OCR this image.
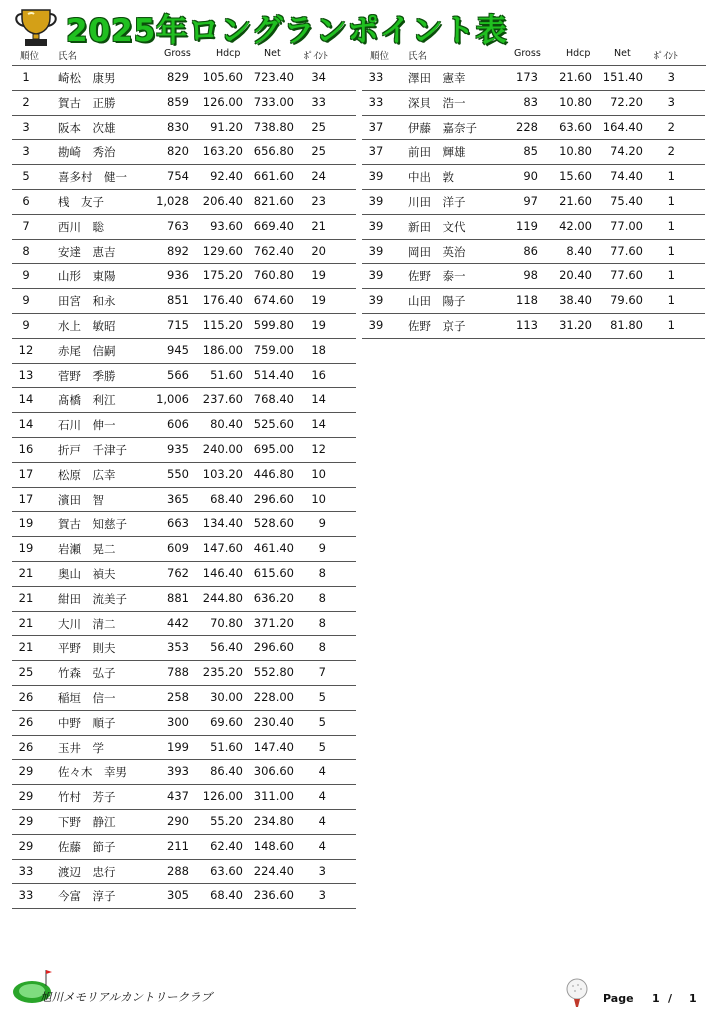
2025年ロングランポイント表
順位 氏名	Gross	Hdcp Net ﾎﾟｲﾝﾄ	順位 氏名	Gross	Hdcp Net ﾎﾟｲﾝﾄ
1	崎松　康男	829 105.60 723.40 34
2	賀古　正勝	859 126.00 733.00 33
3	阪本　次雄	830 91.20 738.80 25
3	勘崎　秀治	820 163.20 656.80 25
5	喜多村　健一	754 92.40 661.60 24
6	桟　友子	1,028 206.40 821.60 23
7	西川　聡	763 93.60 669.40 21
8	安達　恵吉	892 129.60 762.40 20
9	山形　東陽	936 175.20 760.80 19
9	田宮　和永	851 176.40 674.60 19
9	水上　敏昭	715 115.20 599.80 19
12	赤尾　信嗣	945 186.00 759.00 18
13	菅野　季勝	566 51.60 514.40 16
14	髙橋　利江	1,006 237.60 768.40 14
14	石川　伸一	606 80.40 525.60 14
16	折戸　千津子	935 240.00 695.00 12
17	松原　広幸	550 103.20 446.80 10
17	濱田　智	365 68.40 296.60 10
19	賀古　知慈子	663 134.40 528.60 9
19	岩瀬　晃二	609 147.60 461.40 9
21	奥山　禎夫	762 146.40 615.60 8
21	紺田　流美子	881 244.80 636.20 8
21	大川　清二	442 70.80 371.20 8
21	平野　則夫	353 56.40 296.60 8
25	竹森　弘子	788 235.20 552.80 7
26	稲垣　信一	258 30.00 228.00 5
26	中野　順子	300 69.60 230.40 5
26	玉井　学	199 51.60 147.40 5
29	佐々木　幸男	393 86.40 306.60 4
29	竹村　芳子	437 126.00 311.00 4
29	下野　静江	290 55.20 234.80 4
29	佐藤　節子	211 62.40 148.60 4
33	渡辺　忠行	288 63.60 224.40 3
33	今富　淳子	305 68.40 236.60 3
33	澤田　憲幸	173 21.60 151.40 3
33	深貝　浩一	83 10.80 72.20 3
37	伊藤　嘉奈子	228 63.60 164.40 2
37	前田　輝雄	85 10.80 74.20 2
39	中出　敦	90 15.60 74.40 1
39	川田　洋子	97 21.60 75.40 1
39	新田　文代	119 42.00 77.00 1
39	岡田　英治	86 8.40 77.60 1
39	佐野　泰一	98 20.40 77.60 1
39	山田　陽子	118 38.40 79.60 1
39	佐野　京子	113 31.20 81.80 1
旭川メモリアルカントリークラブ	Page 1 / 1
